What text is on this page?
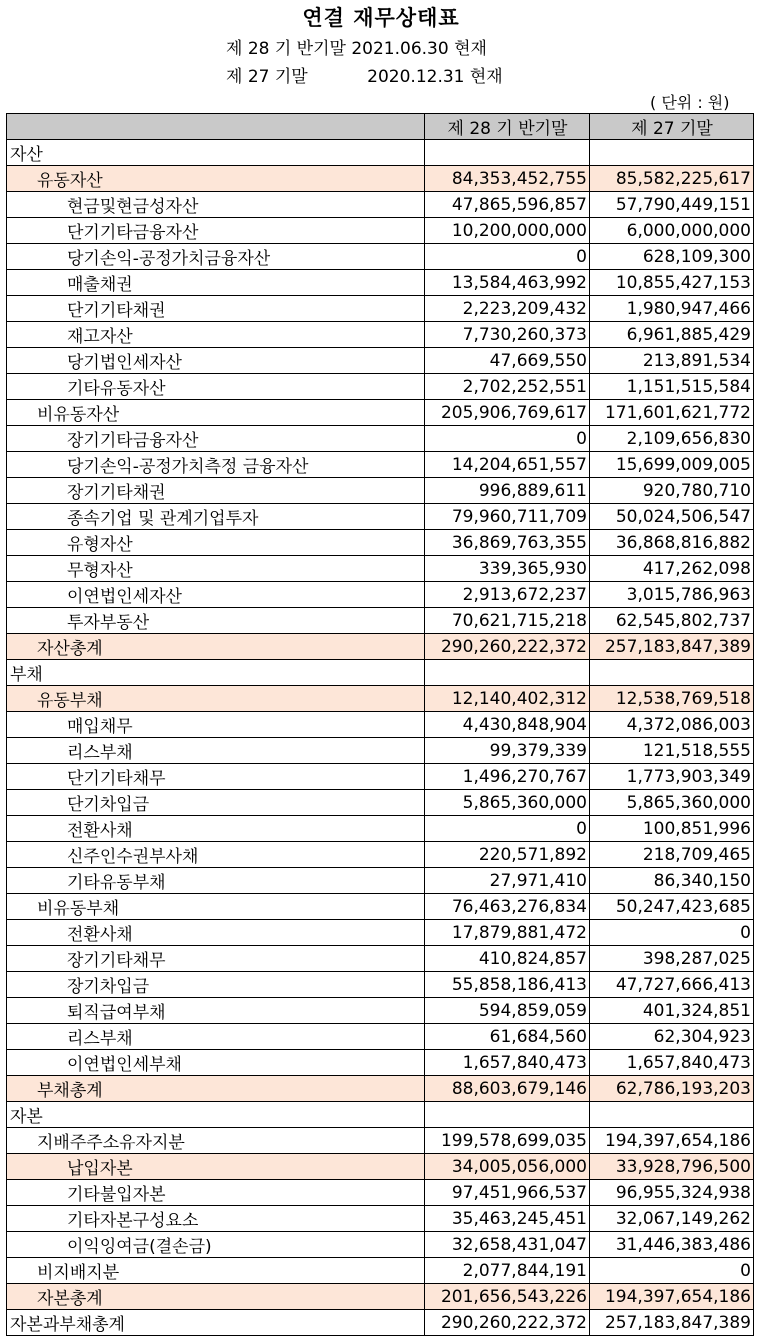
연결 재무상태표
제 28 기 반기말 2021.06.30 현재
제 27 기말           2020.12.31 현재
( 단위 : 원)
	제 28 기 반기말	제 27 기말
자산		
유동자산	84,353,452,755	85,582,225,617
현금및현금성자산	47,865,596,857	57,790,449,151
단기기타금융자산	10,200,000,000	6,000,000,000
당기손익-공정가치금융자산	0	628,109,300
매출채권	13,584,463,992	10,855,427,153
단기기타채권	2,223,209,432	1,980,947,466
재고자산	7,730,260,373	6,961,885,429
당기법인세자산	47,669,550	213,891,534
기타유동자산	2,702,252,551	1,151,515,584
비유동자산	205,906,769,617	171,601,621,772
장기기타금융자산	0	2,109,656,830
당기손익-공정가치측정 금융자산	14,204,651,557	15,699,009,005
장기기타채권	996,889,611	920,780,710
종속기업 및 관계기업투자	79,960,711,709	50,024,506,547
유형자산	36,869,763,355	36,868,816,882
무형자산	339,365,930	417,262,098
이연법인세자산	2,913,672,237	3,015,786,963
투자부동산	70,621,715,218	62,545,802,737
자산총계	290,260,222,372	257,183,847,389
부채		
유동부채	12,140,402,312	12,538,769,518
매입채무	4,430,848,904	4,372,086,003
리스부채	99,379,339	121,518,555
단기기타채무	1,496,270,767	1,773,903,349
단기차입금	5,865,360,000	5,865,360,000
전환사채	0	100,851,996
신주인수권부사채	220,571,892	218,709,465
기타유동부채	27,971,410	86,340,150
비유동부채	76,463,276,834	50,247,423,685
전환사채	17,879,881,472	0
장기기타채무	410,824,857	398,287,025
장기차입금	55,858,186,413	47,727,666,413
퇴직급여부채	594,859,059	401,324,851
리스부채	61,684,560	62,304,923
이연법인세부채	1,657,840,473	1,657,840,473
부채총계	88,603,679,146	62,786,193,203
자본		
지배주주소유자지분	199,578,699,035	194,397,654,186
납입자본	34,005,056,000	33,928,796,500
기타불입자본	97,451,966,537	96,955,324,938
기타자본구성요소	35,463,245,451	32,067,149,262
이익잉여금(결손금)	32,658,431,047	31,446,383,486
비지배지분	2,077,844,191	0
자본총계	201,656,543,226	194,397,654,186
자본과부채총계	290,260,222,372	257,183,847,389
